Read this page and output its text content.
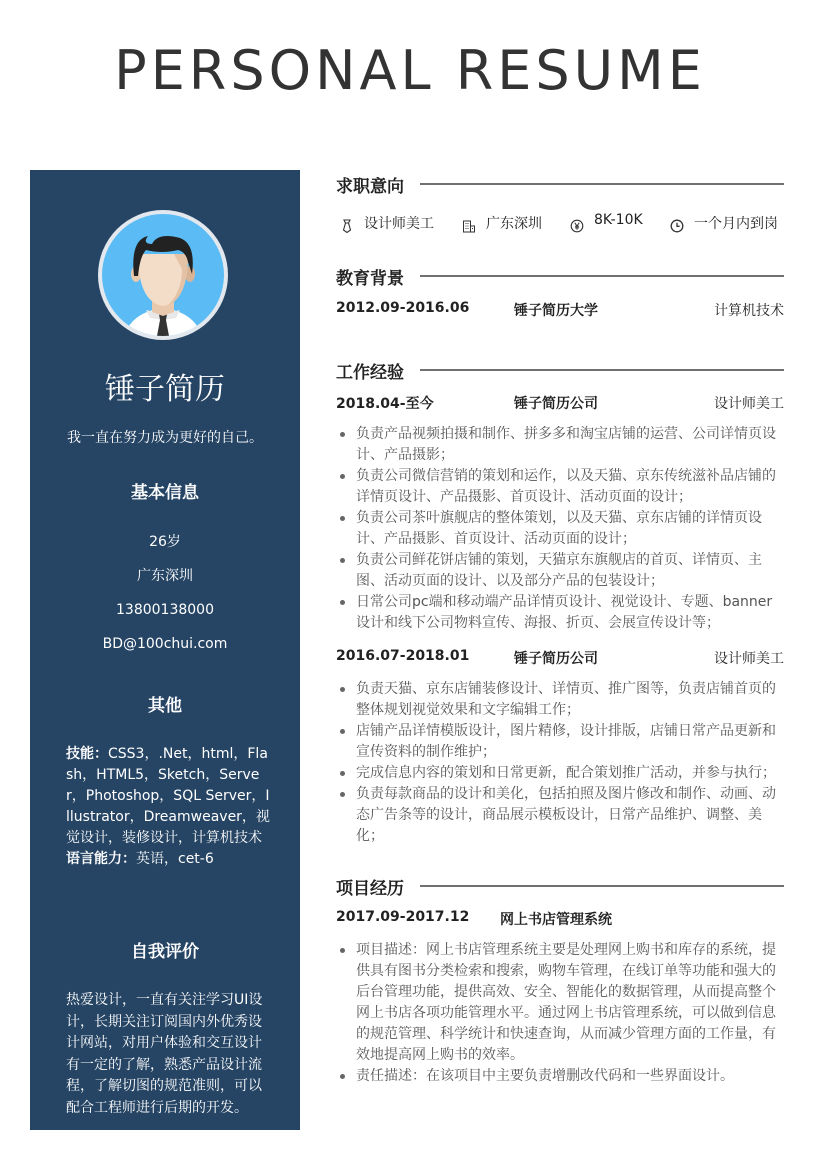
PERSONAL RESUME
锤子简历
我一直在努力成为更好的自己。
基本信息
26岁
广东深圳
13800138000
BD@100chui.com
其他
技能：CSS3，.Net，html，Flash，HTML5，Sketch，Server，Photoshop，SQL Server，Illustrator，Dreamweaver，视觉设计，装修设计，计算机技术
语言能力：英语，cet-6
自我评价
热爱设计，一直有关注学习UI设计，长期关注订阅国内外优秀设计网站，对用户体验和交互设计有一定的了解，熟悉产品设计流程，了解切图的规范准则，可以配合工程师进行后期的开发。
求职意向
设计师美工	广东深圳	8K-10K	一个月内到岗
教育背景
2012.09-2016.06	锤子简历大学	计算机技术
工作经验
2018.04-至今	锤子简历公司	设计师美工
负责产品视频拍摄和制作、拼多多和淘宝店铺的运营、公司详情页设计、产品摄影；
负责公司微信营销的策划和运作，以及天猫、京东传统滋补品店铺的详情页设计、产品摄影、首页设计、活动页面的设计；
负责公司茶叶旗舰店的整体策划，以及天猫、京东店铺的详情页设计、产品摄影、首页设计、活动页面的设计；
负责公司鲜花饼店铺的策划，天猫京东旗舰店的首页、详情页、主图、活动页面的设计、以及部分产品的包装设计；
日常公司pc端和移动端产品详情页设计、视觉设计、专题、banner设计和线下公司物料宣传、海报、折页、会展宣传设计等；
2016.07-2018.01	锤子简历公司	设计师美工
负责天猫、京东店铺装修设计、详情页、推广图等，负责店铺首页的整体规划视觉效果和文字编辑工作；
店铺产品详情模版设计，图片精修，设计排版，店铺日常产品更新和宣传资料的制作维护；
完成信息内容的策划和日常更新，配合策划推广活动，并参与执行；
负责每款商品的设计和美化，包括拍照及图片修改和制作、动画、动态广告条等的设计，商品展示模板设计，日常产品维护、调整、美化；
项目经历
2017.09-2017.12 网上书店管理系统
项目描述：网上书店管理系统主要是处理网上购书和库存的系统，提供具有图书分类检索和搜索，购物车管理，在线订单等功能和强大的后台管理功能，提供高效、安全、智能化的数据管理，从而提高整个网上书店各项功能管理水平。通过网上书店管理系统，可以做到信息的规范管理、科学统计和快速查询，从而减少管理方面的工作量，有效地提高网上购书的效率。
责任描述：在该项目中主要负责增删改代码和一些界面设计。
